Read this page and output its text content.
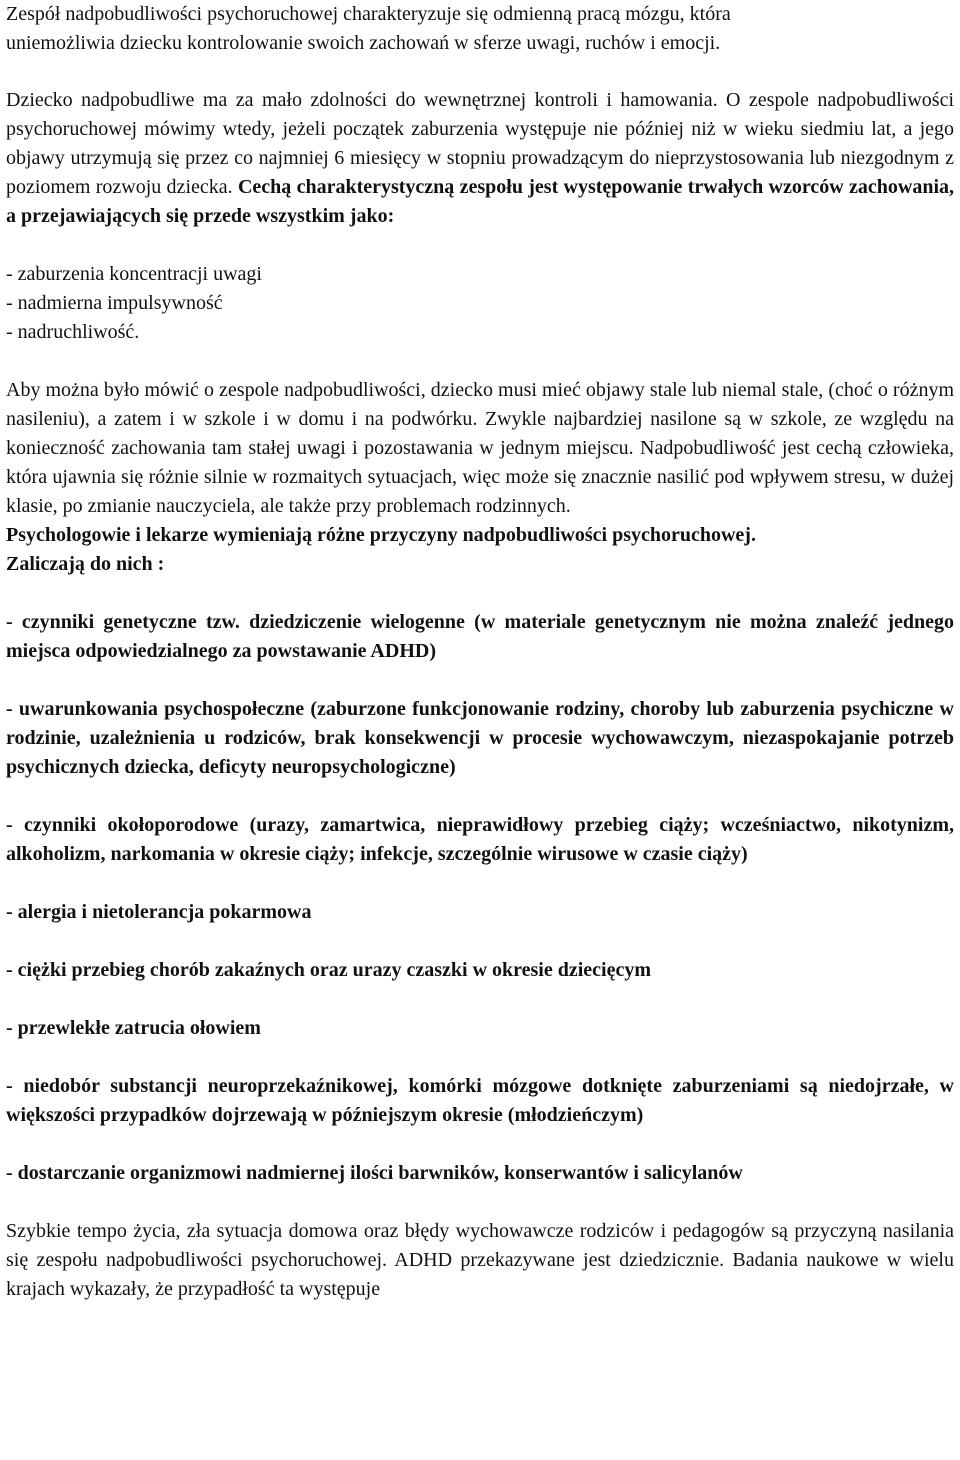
Zespół nadpobudliwości psychoruchowej charakteryzuje się odmienną pracą mózgu, która
uniemożliwia dziecku kontrolowanie swoich zachowań w sferze uwagi, ruchów i emocji.

Dziecko nadpobudliwe ma za mało zdolności do wewnętrznej kontroli i hamowania. O zespole nadpobudliwości psychoruchowej mówimy wtedy, jeżeli początek zaburzenia występuje nie później niż w wieku siedmiu lat, a jego objawy utrzymują się przez co najmniej 6 miesięcy w stopniu prowadzącym do nieprzystosowania lub niezgodnym z poziomem rozwoju dziecka. Cechą charakterystyczną zespołu jest występowanie trwałych wzorców zachowania, a przejawiających się przede wszystkim jako:

- zaburzenia koncentracji uwagi
- nadmierna impulsywność
- nadruchliwość.

Aby można było mówić o zespole nadpobudliwości, dziecko musi mieć objawy stale lub niemal stale, (choć o różnym nasileniu), a zatem i w szkole i w domu i na podwórku. Zwykle najbardziej nasilone są w szkole, ze względu na konieczność zachowania tam stałej uwagi i pozostawania w jednym miejscu. Nadpobudliwość jest cechą człowieka, która ujawnia się różnie silnie w rozmaitych sytuacjach, więc może się znacznie nasilić pod wpływem stresu, w dużej klasie, po zmianie nauczyciela, ale także przy problemach rodzinnych.

Psychologowie i lekarze wymieniają różne przyczyny nadpobudliwości psychoruchowej.
Zaliczają do nich :

- czynniki genetyczne tzw. dziedziczenie wielogenne (w materiale genetycznym nie można znaleźć jednego miejsca odpowiedzialnego za powstawanie ADHD)

- uwarunkowania psychospołeczne (zaburzone funkcjonowanie rodziny, choroby lub zaburzenia psychiczne w rodzinie, uzależnienia u rodziców, brak konsekwencji w procesie wychowawczym, niezaspokajanie potrzeb psychicznych dziecka, deficyty neuropsychologiczne)

- czynniki okołoporodowe (urazy, zamartwica, nieprawidłowy przebieg ciąży; wcześniactwo, nikotynizm, alkoholizm, narkomania w okresie ciąży; infekcje, szczególnie wirusowe w czasie ciąży)

- alergia i nietolerancja pokarmowa

- ciężki przebieg chorób zakaźnych oraz urazy czaszki w okresie dziecięcym

- przewlekłe zatrucia ołowiem

- niedobór substancji neuroprzekaźnikowej, komórki mózgowe dotknięte zaburzeniami są niedojrzałe, w większości przypadków dojrzewają w późniejszym okresie (młodzieńczym)

- dostarczanie organizmowi nadmiernej ilości barwników, konserwantów i salicylanów

Szybkie tempo życia, zła sytuacja domowa oraz błędy wychowawcze rodziców i pedagogów są przyczyną nasilania się zespołu nadpobudliwości psychoruchowej. ADHD przekazywane jest dziedzicznie. Badania naukowe w wielu krajach wykazały, że przypadłość ta występuje
